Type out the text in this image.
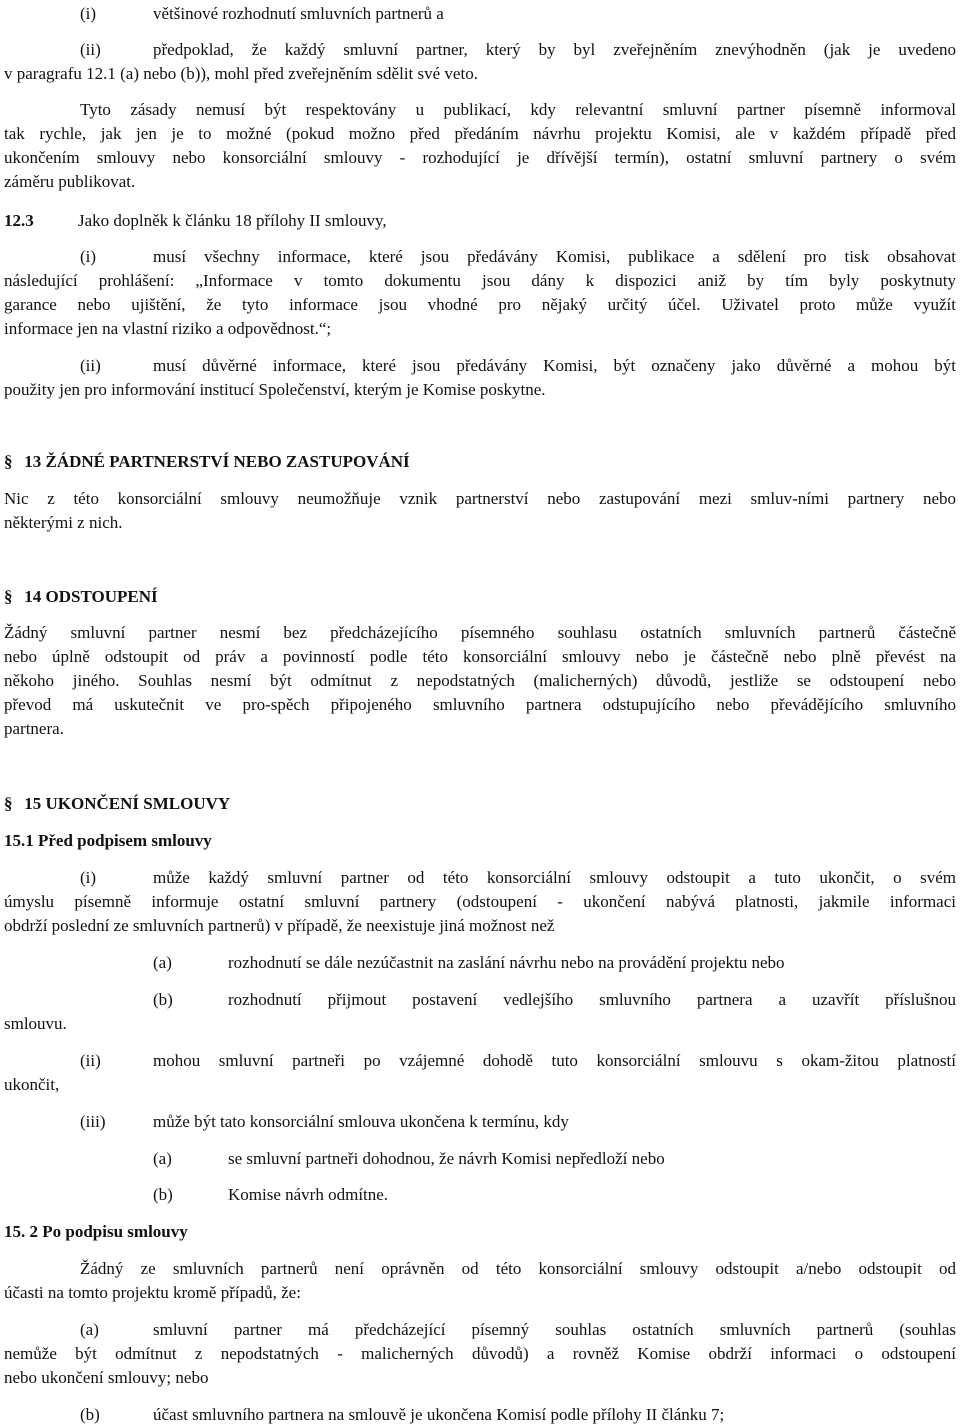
(i)	většinové rozhodnutí smluvních partnerů a
(ii)	předpoklad, že každý smluvní partner, který by byl zveřejněním znevýhodněn (jak je uvedeno
v paragrafu 12.1 (a) nebo (b)), mohl před zveřejněním sdělit své veto.
Tyto zásady nemusí být respektovány u publikací, kdy relevantní smluvní partner písemně informoval
tak rychle, jak jen je to možné (pokud možno před předáním návrhu projektu Komisi, ale v každém případě před
ukončením smlouvy nebo konsorciální smlouvy - rozhodující je dřívější termín), ostatní smluvní partnery o svém
záměru publikovat.
12.3	Jako doplněk k článku 18 přílohy II smlouvy,
(i)	musí všechny informace, které jsou předávány Komisi, publikace a sdělení pro tisk obsahovat
následující prohlášení: „Informace v tomto dokumentu jsou dány k dispozici aniž by tím byly poskytnuty
garance nebo ujištění, že tyto informace jsou vhodné pro nějaký určitý účel. Uživatel proto může využít
informace jen na vlastní riziko a odpovědnost.“;
(ii)	musí důvěrné informace, které jsou předávány Komisi, být označeny jako důvěrné a mohou být
použity jen pro informování institucí Společenství, kterým je Komise poskytne.
§ 13 ŽÁDNÉ PARTNERSTVÍ NEBO ZASTUPOVÁNÍ
Nic z této konsorciální smlouvy neumožňuje vznik partnerství nebo zastupování mezi smluv-ními partnery nebo
některými z nich.
§ 14 ODSTOUPENÍ
Žádný smluvní partner nesmí bez předcházejícího písemného souhlasu ostatních smluvních partnerů částečně
nebo úplně odstoupit od práv a povinností podle této konsorciální smlouvy nebo je částečně nebo plně převést na
někoho jiného. Souhlas nesmí být odmítnut z nepodstatných (malicherných) důvodů, jestliže se odstoupení nebo
převod má uskutečnit ve pro-spěch připojeného smluvního partnera odstupujícího nebo převádějícího smluvního
partnera.
§ 15 UKONČENÍ SMLOUVY
15.1 Před podpisem smlouvy
(i)	může každý smluvní partner od této konsorciální smlouvy odstoupit a tuto ukončit, o svém
úmyslu písemně informuje ostatní smluvní partnery (odstoupení - ukončení nabývá platnosti, jakmile informaci
obdrží poslední ze smluvních partnerů) v případě, že neexistuje jiná možnost než
(a)	rozhodnutí se dále nezúčastnit na zaslání návrhu nebo na provádění projektu nebo
(b)	rozhodnutí přijmout postavení vedlejšího smluvního partnera a uzavřít příslušnou
smlouvu.
(ii)	mohou smluvní partneři po vzájemné dohodě tuto konsorciální smlouvu s okam-žitou platností
ukončit,
(iii)	může být tato konsorciální smlouva ukončena k termínu, kdy
(a)	se smluvní partneři dohodnou, že návrh Komisi nepředloží nebo
(b)	Komise návrh odmítne.
15. 2 Po podpisu smlouvy
Žádný ze smluvních partnerů není oprávněn od této konsorciální smlouvy odstoupit a/nebo odstoupit od
účasti na tomto projektu kromě případů, že:
(a)	smluvní partner má předcházející písemný souhlas ostatních smluvních partnerů (souhlas
nemůže být odmítnut z nepodstatných - malicherných důvodů) a rovněž Komise obdrží informaci o odstoupení
nebo ukončení smlouvy; nebo
(b)	účast smluvního partnera na smlouvě je ukončena Komisí podle přílohy II článku 7;
